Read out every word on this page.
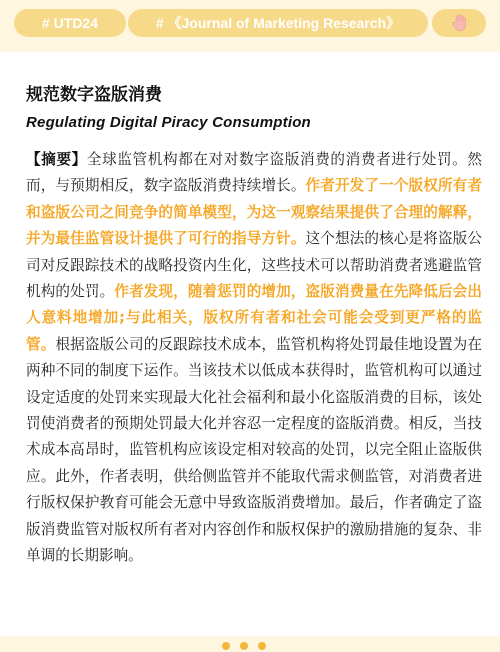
# UTD24	# 《Journal of Marketing Research》
规范数字盗版消费
Regulating Digital Piracy Consumption
【摘要】全球监管机构都在对对数字盗版消费的消费者进行处罚。然而，与预期相反，数字盗版消费持续增长。作者开发了一个版权所有者和盗版公司之间竞争的简单模型，为这一观察结果提供了合理的解释，并为最佳监管设计提供了可行的指导方针。这个想法的核心是将盗版公司对反跟踪技术的战略投资内生化，这些技术可以帮助消费者逃避监管机构的处罚。作者发现，随着惩罚的增加，盗版消费量在先降低后会出人意料地增加;与此相关，版权所有者和社会可能会受到更严格的监管。根据盗版公司的反跟踪技术成本，监管机构将处罚最佳地设置为在两种不同的制度下运作。当该技术以低成本获得时，监管机构可以通过设定适度的处罚来实现最大化社会福利和最小化盗版消费的目标，该处罚使消费者的预期处罚最大化并容忍一定程度的盗版消费。相反，当技术成本高昂时，监管机构应该设定相对较高的处罚，以完全阻止盗版供应。此外，作者表明，供给侧监管并不能取代需求侧监管，对消费者进行版权保护教育可能会无意中导致盗版消费增加。最后，作者确定了盗版消费监管对版权所有者对内容创作和版权保护的激励措施的复杂、非单调的长期影响。
